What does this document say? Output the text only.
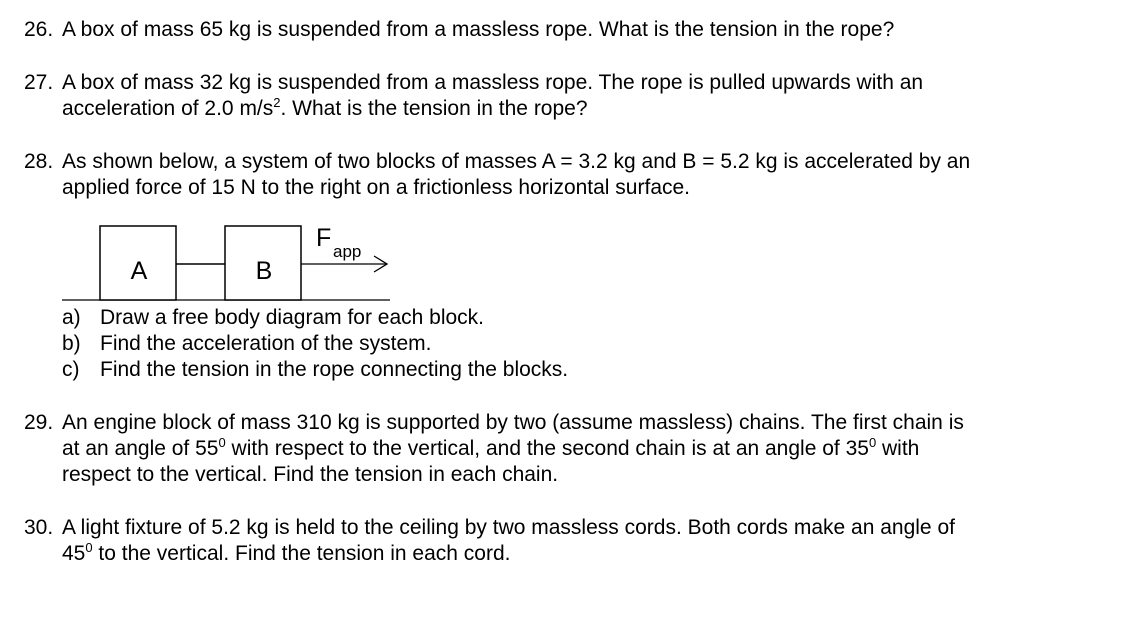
26. A box of mass 65 kg is suspended from a massless rope. What is the tension in the rope?
27. A box of mass 32 kg is suspended from a massless rope. The rope is pulled upwards with an
acceleration of 2.0 $m/s^2$. What is the tension in the rope?
28. As shown below, a system of two blocks of masses A = 3.2 kg and B = 5.2 kg is accelerated by an
applied force of 15 N to the right on a frictionless horizontal surface.
A	B
F app
a) Draw a free body diagram for each block.
b) Find the acceleration of the system.
c) Find the tension in the rope connecting the blocks.
29. An engine block of mass 310 kg is supported by two (assume massless) chains. The first chain is
at an angle of $55^0$ with respect to the vertical, and the second chain is at an angle of $35^0$ with
respect to the vertical. Find the tension in each chain.
30. A light fixture of 5.2 kg is held to the ceiling by two massless cords. Both cords make an angle of
$45^0$ to the vertical. Find the tension in each cord.
